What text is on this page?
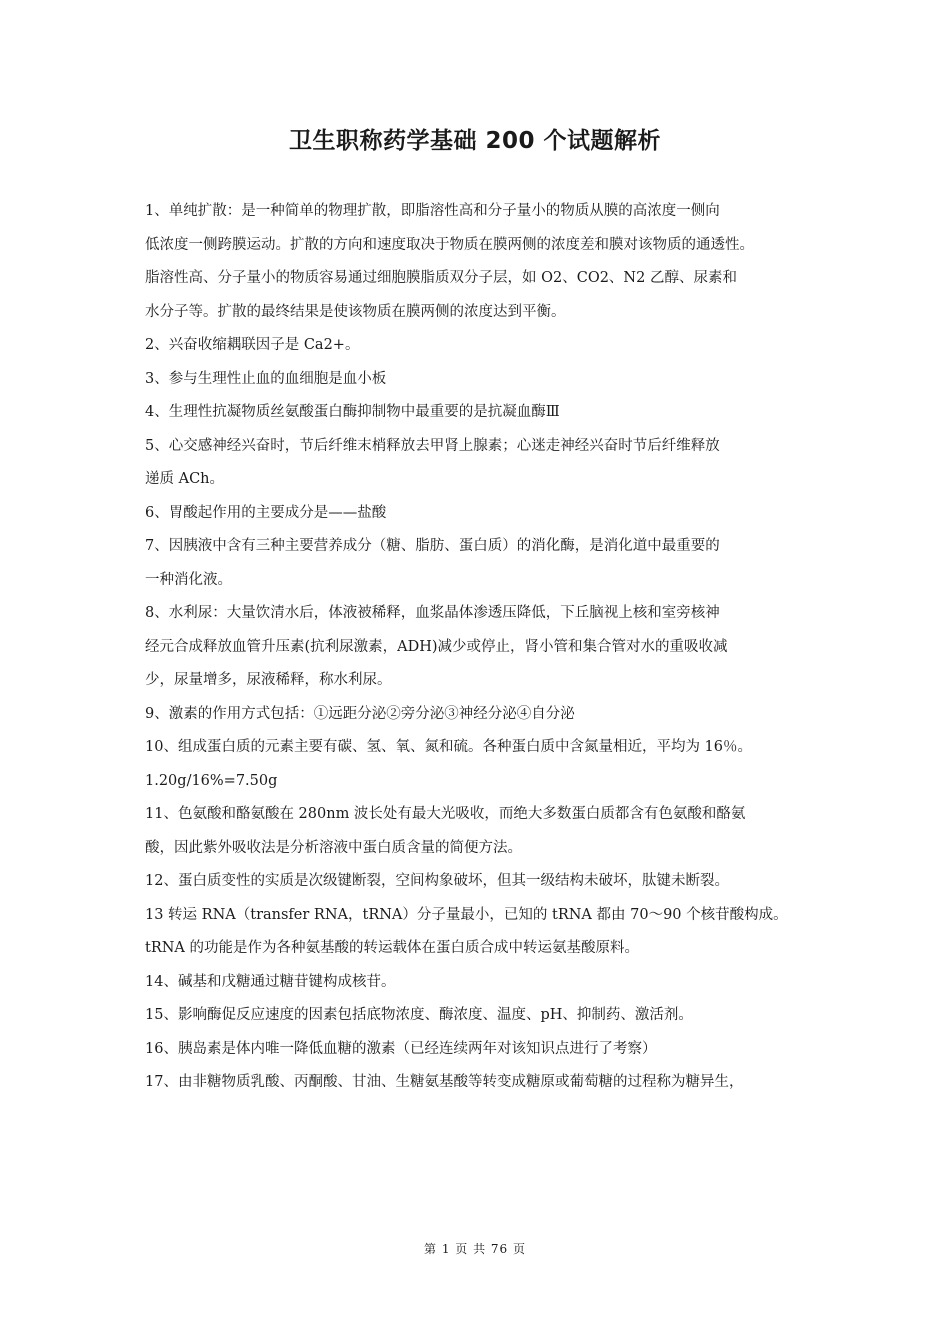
卫生职称药学基础 200 个试题解析
1、单纯扩散：是一种简单的物理扩散，即脂溶性高和分子量小的物质从膜的高浓度一侧向
低浓度一侧跨膜运动。扩散的方向和速度取决于物质在膜两侧的浓度差和膜对该物质的通透性。
脂溶性高、分子量小的物质容易通过细胞膜脂质双分子层，如 O2、CO2、N2 乙醇、尿素和
水分子等。扩散的最终结果是使该物质在膜两侧的浓度达到平衡。
2、兴奋收缩耦联因子是 Ca2+。
3、参与生理性止血的血细胞是血小板
4、生理性抗凝物质丝氨酸蛋白酶抑制物中最重要的是抗凝血酶Ⅲ
5、心交感神经兴奋时，节后纤维末梢释放去甲肾上腺素；心迷走神经兴奋时节后纤维释放
递质 ACh。
6、胃酸起作用的主要成分是——盐酸
7、因胰液中含有三种主要营养成分（糖、脂肪、蛋白质）的消化酶，是消化道中最重要的
一种消化液。
8、水利尿：大量饮清水后，体液被稀释，血浆晶体渗透压降低，下丘脑视上核和室旁核神
经元合成释放血管升压素(抗利尿激素，ADH)减少或停止，肾小管和集合管对水的重吸收减
少，尿量增多，尿液稀释，称水利尿。
9、激素的作用方式包括：①远距分泌②旁分泌③神经分泌④自分泌
10、组成蛋白质的元素主要有碳、氢、氧、氮和硫。各种蛋白质中含氮量相近，平均为 16％。
1.20g/16%=7.50g
11、色氨酸和酪氨酸在 280nm 波长处有最大光吸收，而绝大多数蛋白质都含有色氨酸和酪氨
酸，因此紫外吸收法是分析溶液中蛋白质含量的简便方法。
12、蛋白质变性的实质是次级键断裂，空间构象破坏，但其一级结构未破坏，肽键未断裂。
13 转运 RNA（transfer RNA，tRNA）分子量最小，已知的 tRNA 都由 70～90 个核苷酸构成。
tRNA 的功能是作为各种氨基酸的转运载体在蛋白质合成中转运氨基酸原料。
14、碱基和戊糖通过糖苷键构成核苷。
15、影响酶促反应速度的因素包括底物浓度、酶浓度、温度、pH、抑制药、激活剂。
16、胰岛素是体内唯一降低血糖的激素（已经连续两年对该知识点进行了考察）
17、由非糖物质乳酸、丙酮酸、甘油、生糖氨基酸等转变成糖原或葡萄糖的过程称为糖异生，
第 1 页 共 76 页
